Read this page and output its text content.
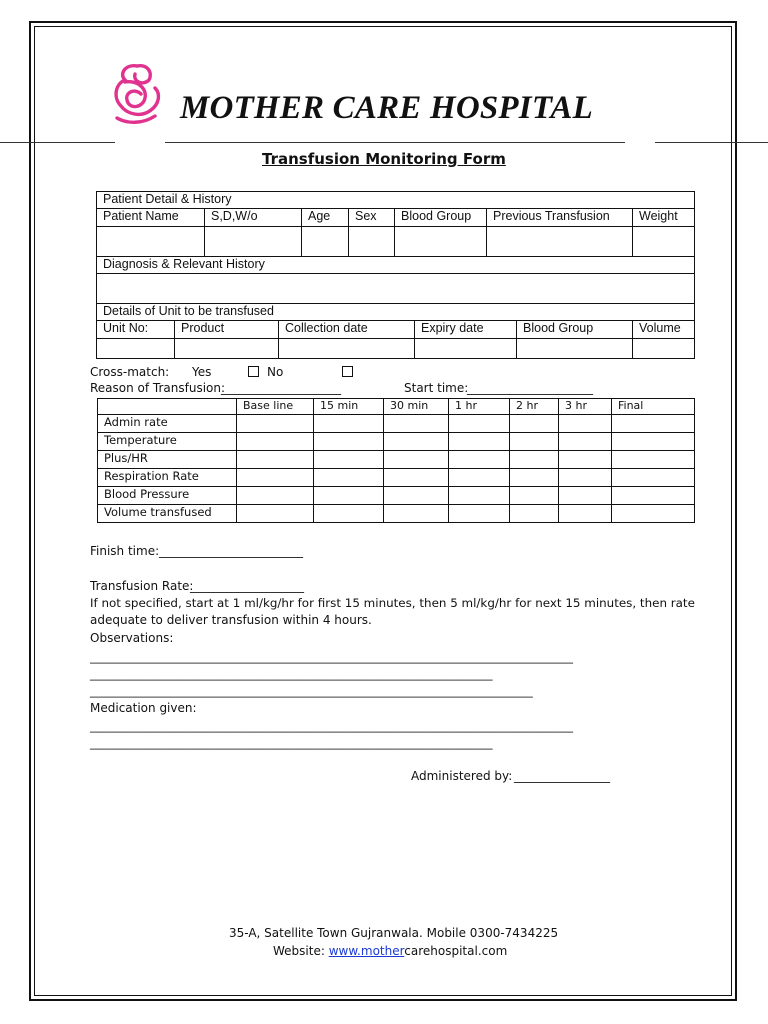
MOTHER CARE HOSPITAL
Transfusion Monitoring Form
Patient Detail & History										
Patient Name		S,D,W/o		Age	Sex	Blood Group		Previous Transfusion		Weight

Diagnosis & Relevant History										

Details of Unit to be transfused										
Unit No:	Product		Collection date				Expiry date		Blood Group	Volume

Cross-match: Yes	No
Reason of Transfusion:
____________________	Start time:
_____________________
	Base line	15 min	30 min	1 hr	2 hr	3 hr	Final
Admin rate							
Temperature							
Plus/HR							
Respiration Rate							
Blood Pressure							
Volume transfused							
Finish time: ________________________
Transfusion Rate:
___________________
If not specified, start at 1 ml/kg/hr for first 15 minutes, then 5 ml/kg/hr for next 15 minutes, then rate
adequate to deliver transfusion within 4 hours.
Observations:
____________________________________________________________________________________
______________________________________________________________________
_____________________________________________________________________________
Medication given:
____________________________________________________________________________________
______________________________________________________________________
Administered by: ________________
35-A, Satellite Town Gujranwala. Mobile 0300-7434225
Website: www.mothercarehospital.com
